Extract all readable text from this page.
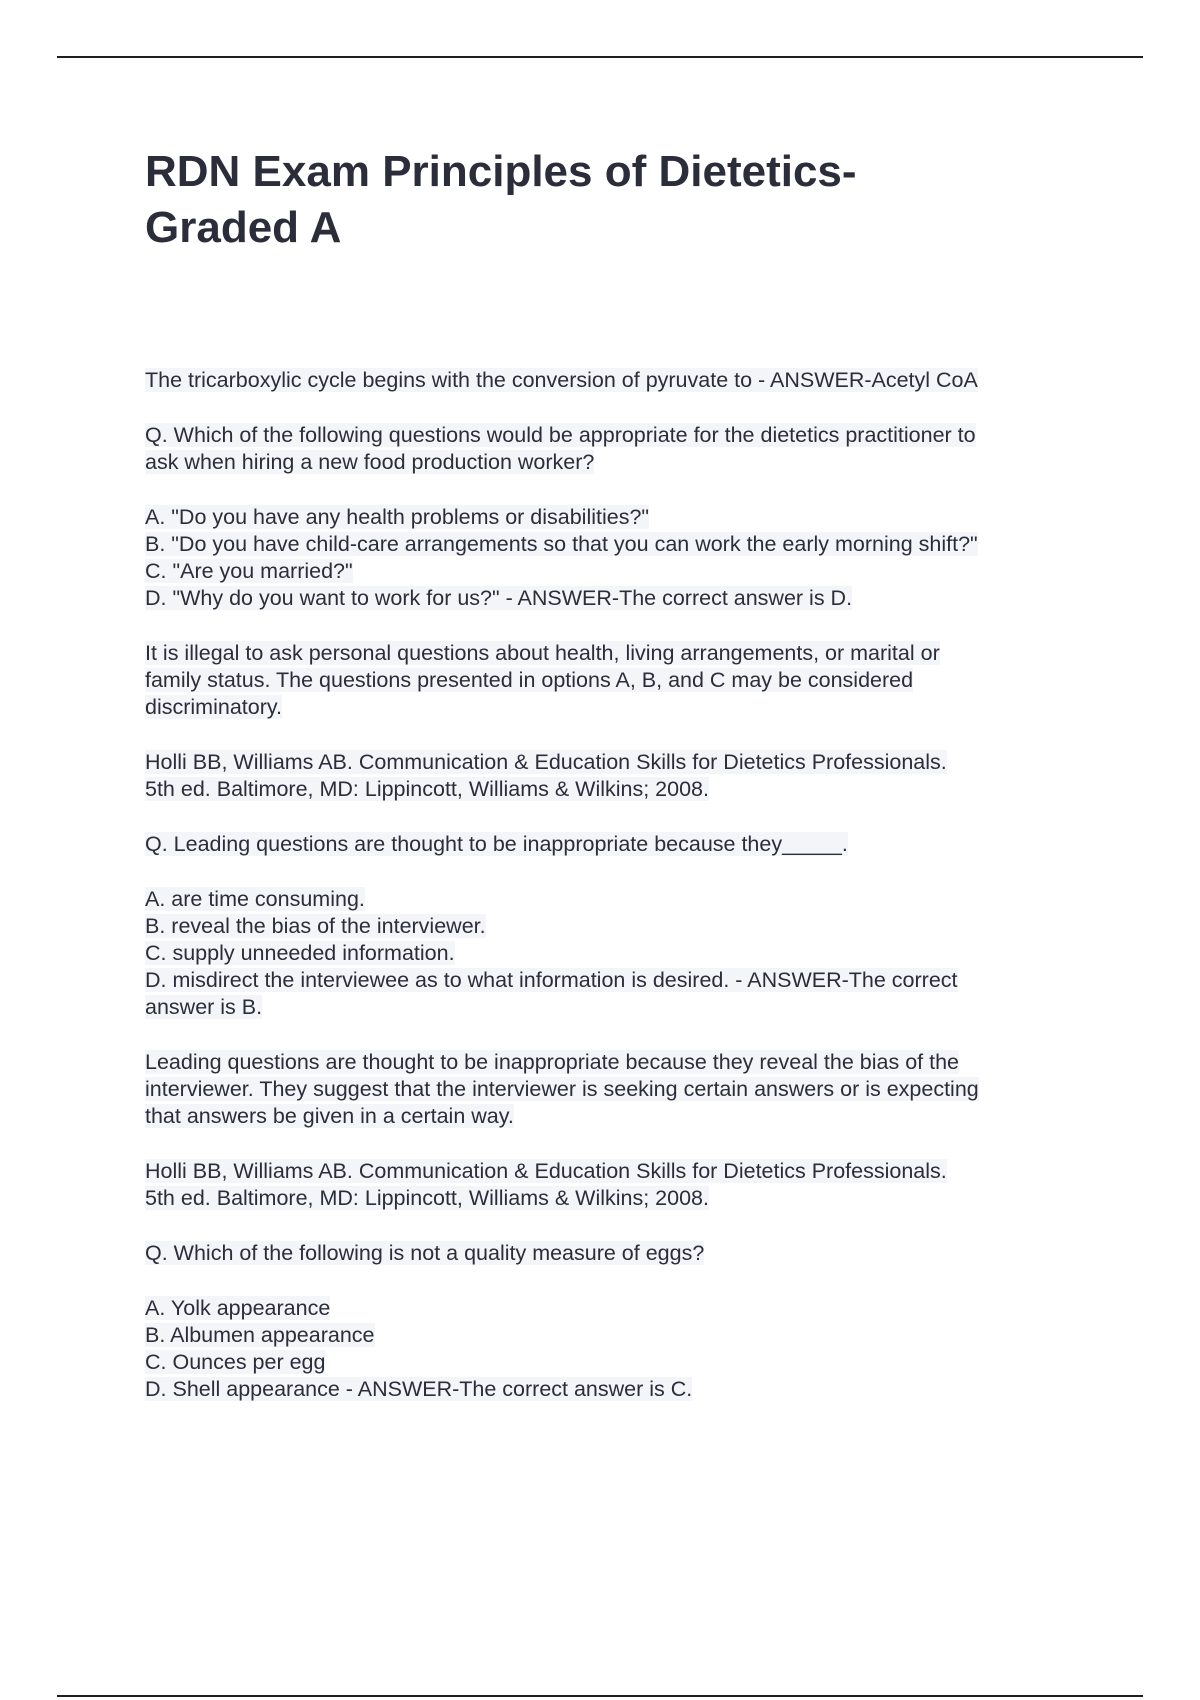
RDN Exam Principles of Dietetics-
Graded A
The tricarboxylic cycle begins with the conversion of pyruvate to - ANSWER-Acetyl CoA
Q. Which of the following questions would be appropriate for the dietetics practitioner to
ask when hiring a new food production worker?
A. "Do you have any health problems or disabilities?"
B. "Do you have child-care arrangements so that you can work the early morning shift?"
C. "Are you married?"
D. "Why do you want to work for us?" - ANSWER-The correct answer is D.
It is illegal to ask personal questions about health, living arrangements, or marital or
family status. The questions presented in options A, B, and C may be considered
discriminatory.
Holli BB, Williams AB. Communication & Education Skills for Dietetics Professionals.
5th ed. Baltimore, MD: Lippincott, Williams & Wilkins; 2008.
Q. Leading questions are thought to be inappropriate because they_____.
A. are time consuming.
B. reveal the bias of the interviewer.
C. supply unneeded information.
D. misdirect the interviewee as to what information is desired. - ANSWER-The correct
answer is B.
Leading questions are thought to be inappropriate because they reveal the bias of the
interviewer. They suggest that the interviewer is seeking certain answers or is expecting
that answers be given in a certain way.
Holli BB, Williams AB. Communication & Education Skills for Dietetics Professionals.
5th ed. Baltimore, MD: Lippincott, Williams & Wilkins; 2008.
Q. Which of the following is not a quality measure of eggs?
A. Yolk appearance
B. Albumen appearance
C. Ounces per egg
D. Shell appearance - ANSWER-The correct answer is C.
